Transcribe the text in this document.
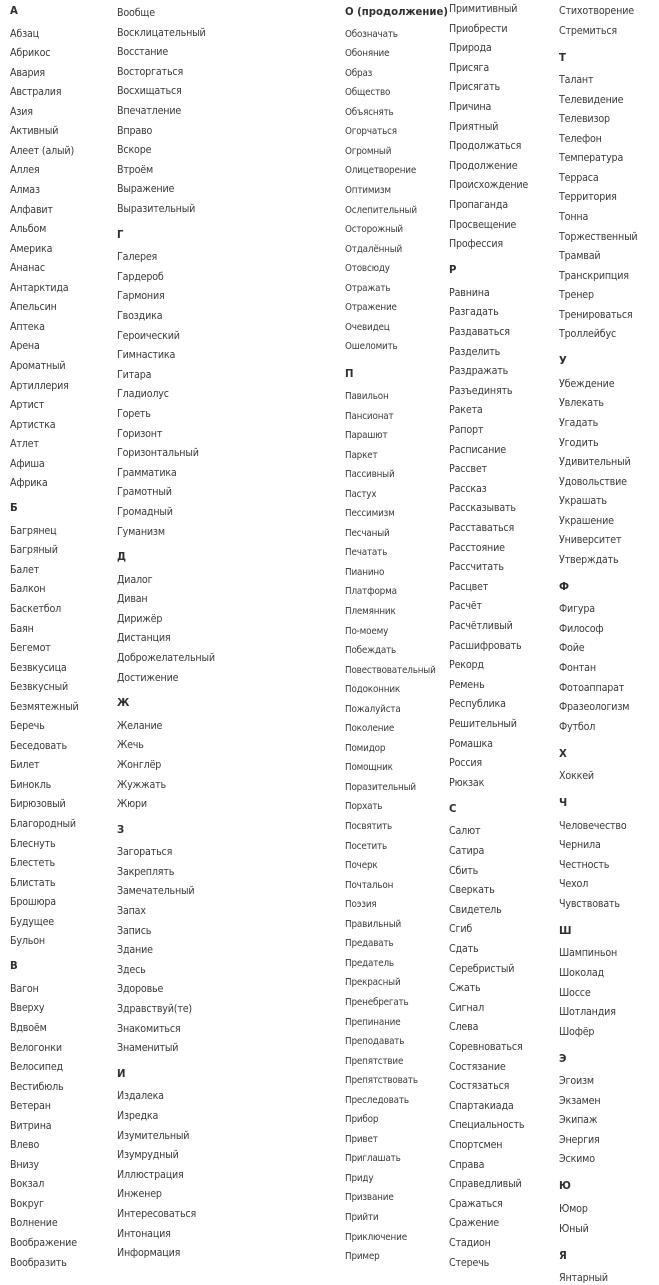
А
Абзац
Абрикос
Авария
Австралия
Азия
Активный
Алеет (алый)
Аллея
Алмаз
Алфавит
Альбом
Америка
Ананас
Антарктида
Апельсин
Аптека
Арена
Ароматный
Артиллерия
Артист
Артистка
Атлет
Афиша
Африка
Б
Багрянец
Багряный
Балет
Балкон
Баскетбол
Баян
Бегемот
Безвкусица
Безвкусный
Безмятежный
Беречь
Беседовать
Билет
Бинокль
Бирюзовый
Благородный
Блеснуть
Блестеть
Блистать
Брошюра
Будущее
Бульон
В
Вагон
Вверху
Вдвоём
Велогонки
Велосипед
Вестибюль
Ветеран
Витрина
Влево
Внизу
Вокзал
Вокруг
Волнение
Воображение
Вообразить
Вообще
Восклицательный
Восстание
Восторгаться
Восхищаться
Впечатление
Вправо
Вскоре
Втроём
Выражение
Выразительный
Г
Галерея
Гардероб
Гармония
Гвоздика
Героический
Гимнастика
Гитара
Гладиолус
Гореть
Горизонт
Горизонтальный
Грамматика
Грамотный
Громадный
Гуманизм
Д
Диалог
Диван
Дирижёр
Дистанция
Доброжелательный
Достижение
Ж
Желание
Жечь
Жонглёр
Жужжать
Жюри
З
Загораться
Закреплять
Замечательный
Запах
Запись
Здание
Здесь
Здоровье
Здравствуй(те)
Знакомиться
Знаменитый
И
Издалека
Изредка
Изумительный
Изумрудный
Иллюстрация
Инженер
Интересоваться
Интонация
Информация
О (продолжение)
Обозначать
Обоняние
Образ
Общество
Объяснять
Огорчаться
Огромный
Олицетворение
Оптимизм
Ослепительный
Осторожный
Отдалённый
Отовсюду
Отражать
Отражение
Очевидец
Ошеломить
П
Павильон
Пансионат
Парашют
Паркет
Пассивный
Пастух
Пессимизм
Песчаный
Печатать
Пианино
Платформа
Племянник
По-моему
Побеждать
Повествовательный
Подоконник
Пожалуйста
Поколение
Помидор
Помощник
Поразительный
Порхать
Посвятить
Посетить
Почерк
Почтальон
Поэзия
Правильный
Предавать
Предатель
Прекрасный
Пренебрегать
Препинание
Преподавать
Препятствие
Препятствовать
Преследовать
Прибор
Привет
Приглашать
Приду
Призвание
Прийти
Приключение
Пример
Примитивный
Приобрести
Природа
Присяга
Присягать
Причина
Приятный
Продолжаться
Продолжение
Происхождение
Пропаганда
Просвещение
Профессия
Р
Равнина
Разгадать
Раздаваться
Разделить
Раздражать
Разъединять
Ракета
Рапорт
Расписание
Рассвет
Рассказ
Рассказывать
Расставаться
Расстояние
Рассчитать
Расцвет
Расчёт
Расчётливый
Расшифровать
Рекорд
Ремень
Республика
Решительный
Ромашка
Россия
Рюкзак
С
Салют
Сатира
Сбить
Сверкать
Свидетель
Сгиб
Сдать
Серебристый
Сжать
Сигнал
Слева
Соревноваться
Состязание
Состязаться
Спартакиада
Специальность
Спортсмен
Справа
Справедливый
Сражаться
Сражение
Стадион
Стеречь
Стихотворение
Стремиться
Т
Талант
Телевидение
Телевизор
Телефон
Температура
Терраса
Территория
Тонна
Торжественный
Трамвай
Транскрипция
Тренер
Тренироваться
Троллейбус
У
Убеждение
Увлекать
Угадать
Угодить
Удивительный
Удовольствие
Украшать
Украшение
Университет
Утверждать
Ф
Фигура
Философ
Фойе
Фонтан
Фотоаппарат
Фразеологизм
Футбол
Х
Хоккей
Ч
Человечество
Чернила
Честность
Чехол
Чувствовать
Ш
Шампиньон
Шоколад
Шоссе
Шотландия
Шофёр
Э
Эгоизм
Экзамен
Экипаж
Энергия
Эскимо
Ю
Юмор
Юный
Я
Янтарный
